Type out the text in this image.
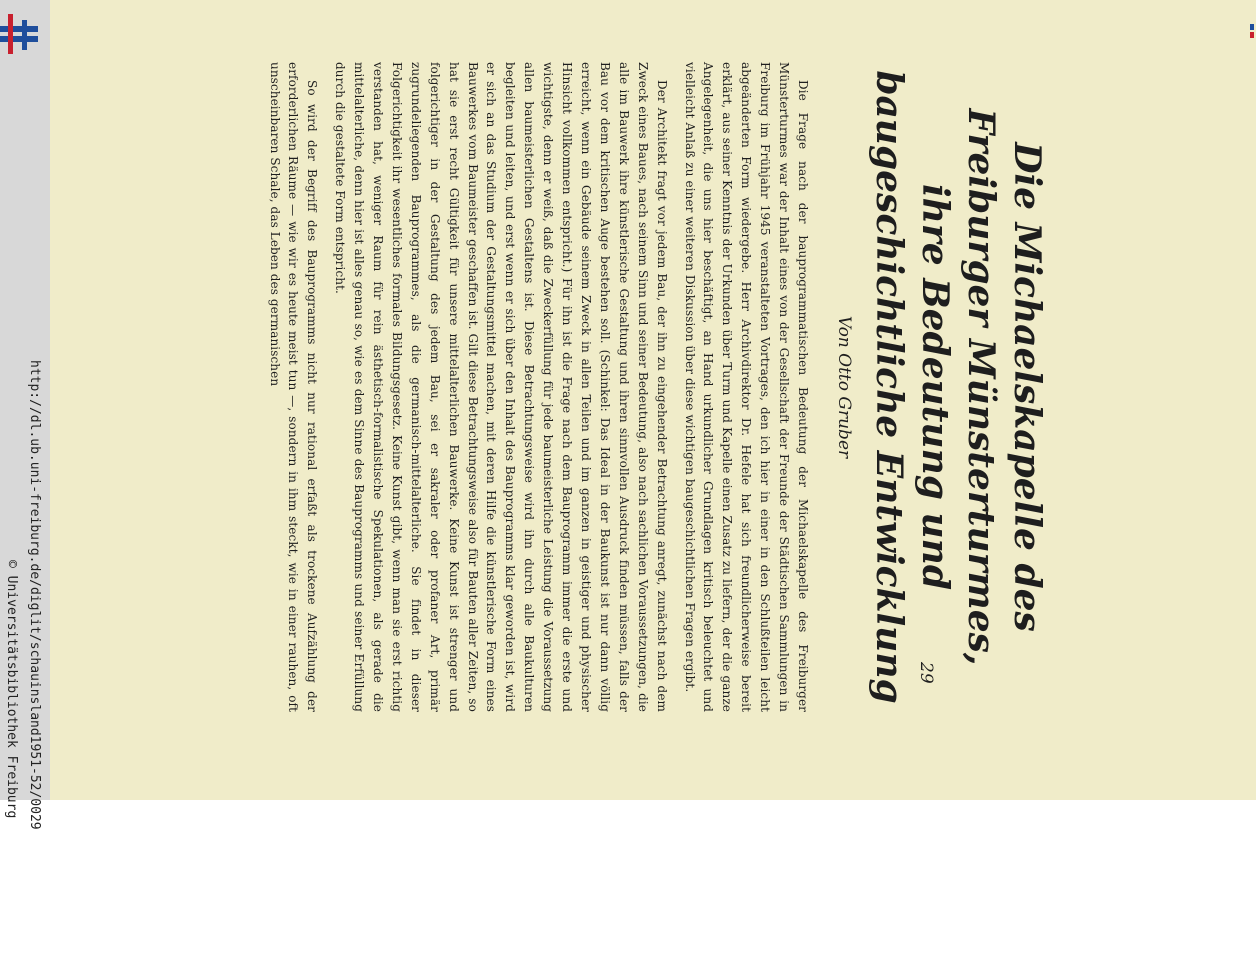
http://dl.ub.uni-freiburg.de/diglit/schauinsland1951-52/0029
© Universitätsbibliothek Freiburg
Die Michaelskapelle des Freiburger Münsterturmes, ihre Bedeutung und baugeschichtliche Entwicklung
Von Otto Gruber

Die Frage nach der bauprogrammatischen Bedeutung der Michaelskapelle des Freiburger Münsterturmes war der Inhalt eines von der Gesellschaft der Freunde der Städtischen Sammlungen in Freiburg im Frühjahr 1945 veranstalteten Vortrages, den ich hier in einer in den Schlußteilen leicht abgeänderten Form wiedergebe. Herr Archivdirektor Dr. Hefele hat sich freundlicherweise bereit erklärt, aus seiner Kenntnis der Urkunden über Turm und Kapelle einen Zusatz zu liefern, der die ganze Angelegenheit, die uns hier beschäftigt, an Hand urkundlicher Grundlagen kritisch beleuchtet und vielleicht Anlaß zu einer weiteren Diskussion über diese wichtigen baugeschichtlichen Fragen ergibt.

Der Architekt fragt vor jedem Bau, der ihn zu eingehender Betrachtung anregt, zunächst nach dem Zweck eines Baues, nach seinem Sinn und seiner Bedeutung, also nach sachlichen Voraussetzungen, die alle im Bauwerk ihre künstlerische Gestaltung und ihren sinnvollen Ausdruck finden müssen, falls der Bau vor dem kritischen Auge bestehen soll. (Schinkel: Das Ideal in der Baukunst ist nur dann völlig erreicht, wenn ein Gebäude seinem Zweck in allen Teilen und im ganzen in geistiger und physischer Hinsicht vollkommen entspricht.) Für ihn ist die Frage nach dem Bauprogramm immer die erste und wichtigste, denn er weiß, daß die Zweckerfüllung für jede baumeisterliche Leistung die Voraussetzung allen baumeisterlichen Gestaltens ist. Diese Betrachtungsweise wird ihn durch alle Baukulturen begleiten und leiten, und erst wenn er sich über den Inhalt des Bauprogramms klar geworden ist, wird er sich an das Studium der Gestaltungsmittel machen, mit deren Hilfe die künstlerische Form eines Bauwerkes vom Baumeister geschaffen ist. Gilt diese Betrachtungsweise also für Bauten aller Zeiten, so hat sie erst recht Gültigkeit für unsere mittelalterlichen Bauwerke. Keine Kunst ist strenger und folgerichtiger in der Gestaltung des jedem Bau, sei er sakraler oder profaner Art, primär zugrundeliegenden Bauprogrammes, als die germanisch-mittelalterliche. Sie findet in dieser Folgerichtigkeit ihr wesentliches formales Bildungsgesetz. Keine Kunst gibt, wenn man sie erst richtig verstanden hat, weniger Raum für rein ästhetisch-formalistische Spekulationen, als gerade die mittelalterliche, denn hier ist alles genau so, wie es dem Sinne des Bauprogramms und seiner Erfüllung durch die gestaltete Form entspricht.

So wird der Begriff des Bauprogramms nicht nur rational erfaßt als trockene Aufzählung der erforderlichen Räume — wie wir es heute meist tun —, sondern in ihm steckt, wie in einer rauhen, oft unscheinbaren Schale, das Leben des germanischen

29
